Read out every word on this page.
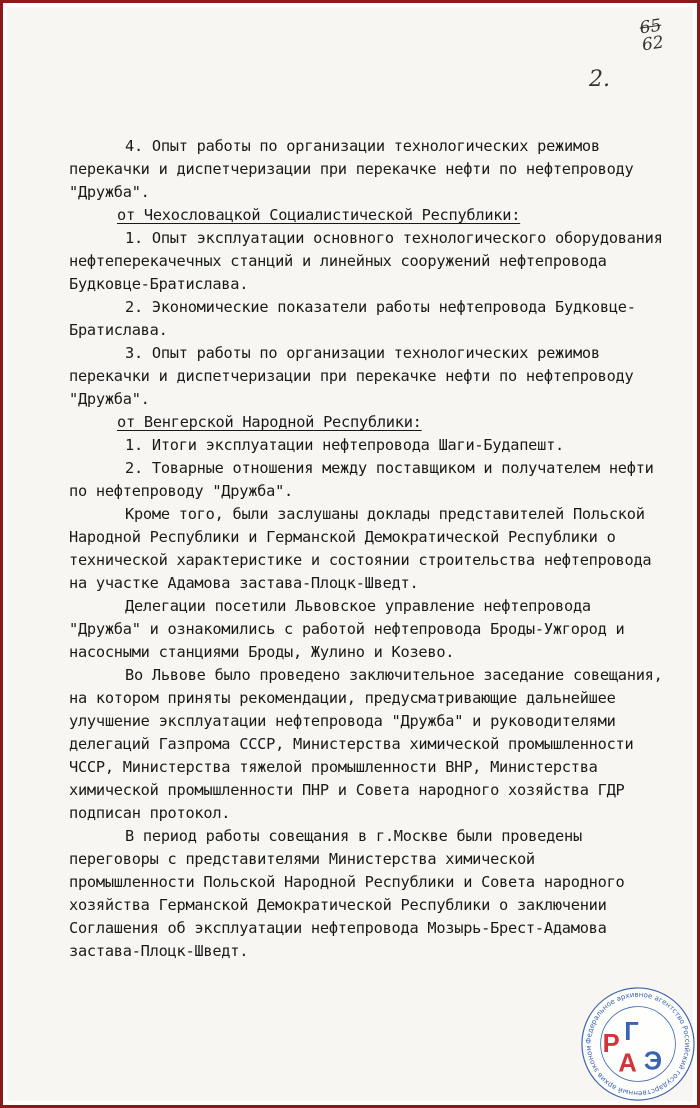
65
62
2.

4. Опыт работы по организации технологических режимов перекачки и диспетчеризации при перекачке нефти по нефтепроводу "Дружба".

от Чехословацкой Социалистической Республики:

1. Опыт эксплуатации основного технологического оборудования нефтеперекачечных станций и линейных сооружений нефтепровода Будковце-Братислава.

2. Экономические показатели работы нефтепровода Будковце-Братислава.

3. Опыт работы по организации технологических режимов перекачки и диспетчеризации при перекачке нефти по нефтепроводу "Дружба".

от Венгерской Народной Республики:

1. Итоги эксплуатации нефтепровода Шаги-Будапешт.

2. Товарные отношения между поставщиком и получателем нефти по нефтепроводу "Дружба".

Кроме того, были заслушаны доклады представителей Польской Народной Республики и Германской Демократической Республики о технической характеристике и состоянии строительства нефтепровода на участке Адамова застава-Плоцк-Шведт.

Делегации посетили Львовское управление нефтепровода "Дружба" и ознакомились с работой нефтепровода Броды-Ужгород и насосными станциями Броды, Жулино и Козево.

Во Львове было проведено заключительное заседание совещания, на котором приняты рекомендации, предусматривающие дальнейшее улучшение эксплуатации нефтепровода "Дружба" и руководителями делегаций Газпрома СССР, Министерства химической промышленности ЧССР, Министерства тяжелой промышленности ВНР, Министерства химической промышленности ПНР и Совета народного хозяйства ГДР подписан протокол.

В период работы совещания в г.Москве были проведены переговоры с представителями Министерства химической промышленности Польской Народной Республики и Совета народного хозяйства Германской Демократической Республики о заключении Соглашения об эксплуатации нефтепровода Мозырь-Брест-Адамова застава-Плоцк-Шведт.

Федеральное архивное агентство Российский государственный архив эконом Р Г
А Э
